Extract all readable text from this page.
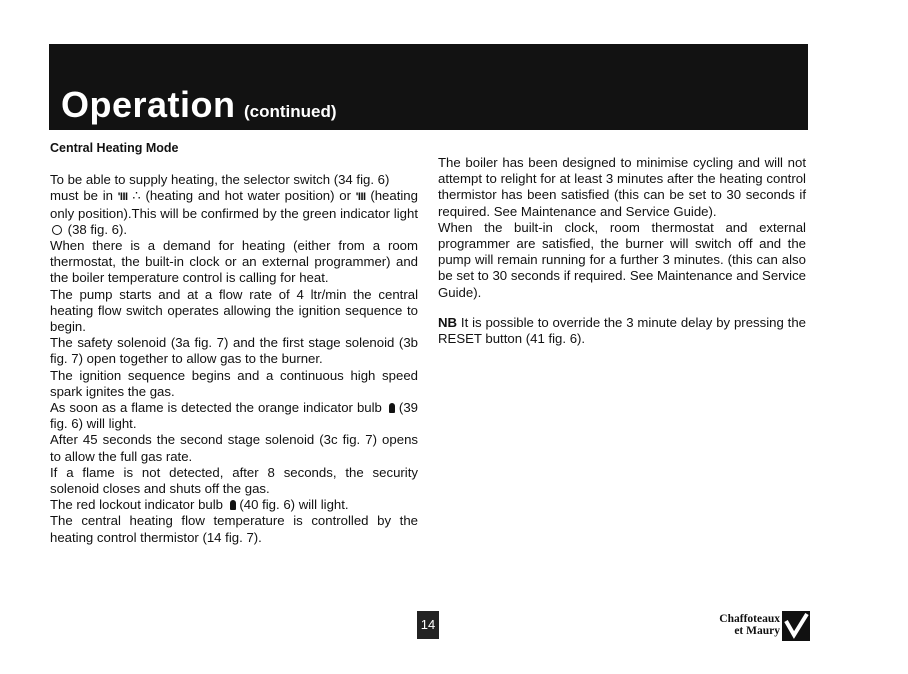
Operation (continued)
Central Heating Mode

To be able to supply heating, the selector switch (34 fig. 6)

must be in 'III ∴ (heating and hot water position) or 'III (heating only position).This will be confirmed by the green indicator light  (38 fig. 6).

When there is a demand for heating (either from a room thermostat, the built-in clock or an external programmer) and the boiler temperature control is calling for heat.

The pump starts and at a flow rate of 4 ltr/min the central heating flow switch operates allowing the ignition sequence to begin.

The safety solenoid (3a fig. 7) and the first stage solenoid (3b fig. 7) open together to allow gas to the burner.

The ignition sequence begins and a continuous high speed spark ignites the gas.

As soon as a flame is detected the orange indicator bulb (39 fig. 6) will light.

After 45 seconds the second stage solenoid (3c fig. 7) opens to allow the full gas rate.

If a flame is not detected, after 8 seconds, the security solenoid closes and shuts off the gas.

The red lockout indicator bulb (40 fig. 6) will light.

The central heating flow temperature is controlled by the heating control thermistor (14 fig. 7).

The boiler has been designed to minimise cycling and will not attempt to relight for at least 3 minutes after the heating control thermistor has been satisfied (this can be set to 30 seconds if required. See Maintenance and Service Guide).

When the built-in clock, room thermostat and external programmer are satisfied, the burner will switch off and the pump will remain running for a further 3 minutes. (this can also be set to 30 seconds if required. See Maintenance and Service Guide).

NB It is possible to override the 3 minute delay by pressing the RESET button (41 fig. 6).

14	Chaffoteaux
et Maury
